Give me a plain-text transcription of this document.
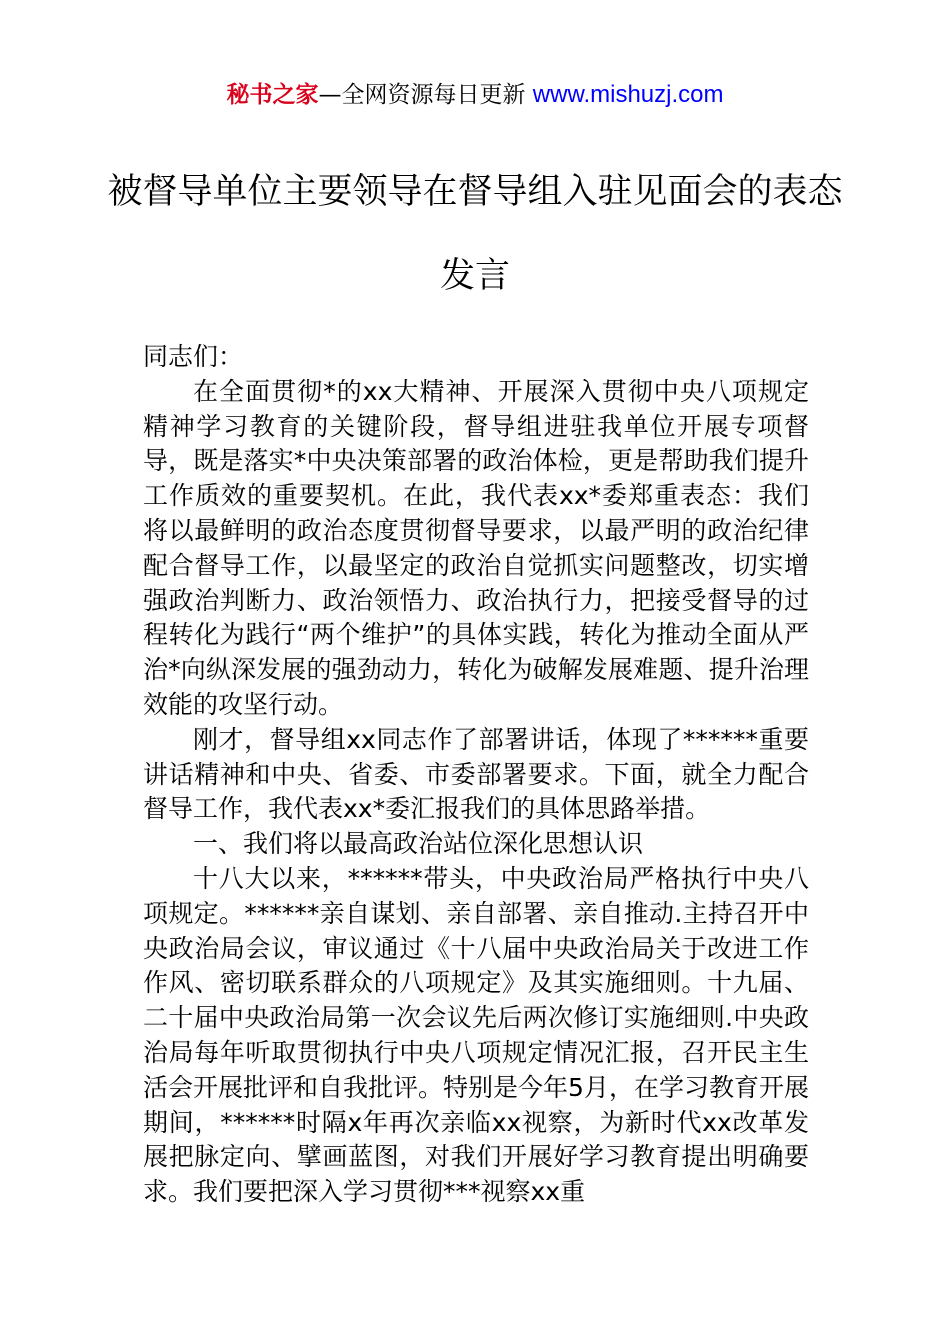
秘书之家—全网资源每日更新 www.mishuzj.com
被督导单位主要领导在督导组入驻见面会的表态发言

同志们：

在全面贯彻*的xx大精神、开展深入贯彻中央八项规定精神学习教育的关键阶段，督导组进驻我单位开展专项督导，既是落实*中央决策部署的政治体检，更是帮助我们提升工作质效的重要契机。在此，我代表xx*委郑重表态：我们将以最鲜明的政治态度贯彻督导要求，以最严明的政治纪律配合督导工作，以最坚定的政治自觉抓实问题整改，切实增强政治判断力、政治领悟力、政治执行力，把接受督导的过程转化为践行“两个维护”的具体实践，转化为推动全面从严治*向纵深发展的强劲动力，转化为破解发展难题、提升治理效能的攻坚行动。

刚才，督导组xx同志作了部署讲话，体现了******重要讲话精神和中央、省委、市委部署要求。下面，就全力配合督导工作，我代表xx*委汇报我们的具体思路举措。

一、我们将以最高政治站位深化思想认识

十八大以来，******带头，中央政治局严格执行中央八项规定。******亲自谋划、亲自部署、亲自推动.主持召开中央政治局会议，审议通过《十八届中央政治局关于改进工作作风、密切联系群众的八项规定》及其实施细则。十九届、二十届中央政治局第一次会议先后两次修订实施细则.中央政治局每年听取贯彻执行中央八项规定情况汇报，召开民主生活会开展批评和自我批评。特别是今年5月，在学习教育开展期间，******时隔x年再次亲临xx视察，为新时代xx改革发展把脉定向、擘画蓝图，对我们开展好学习教育提出明确要求。我们要把深入学习贯彻***视察xx重
